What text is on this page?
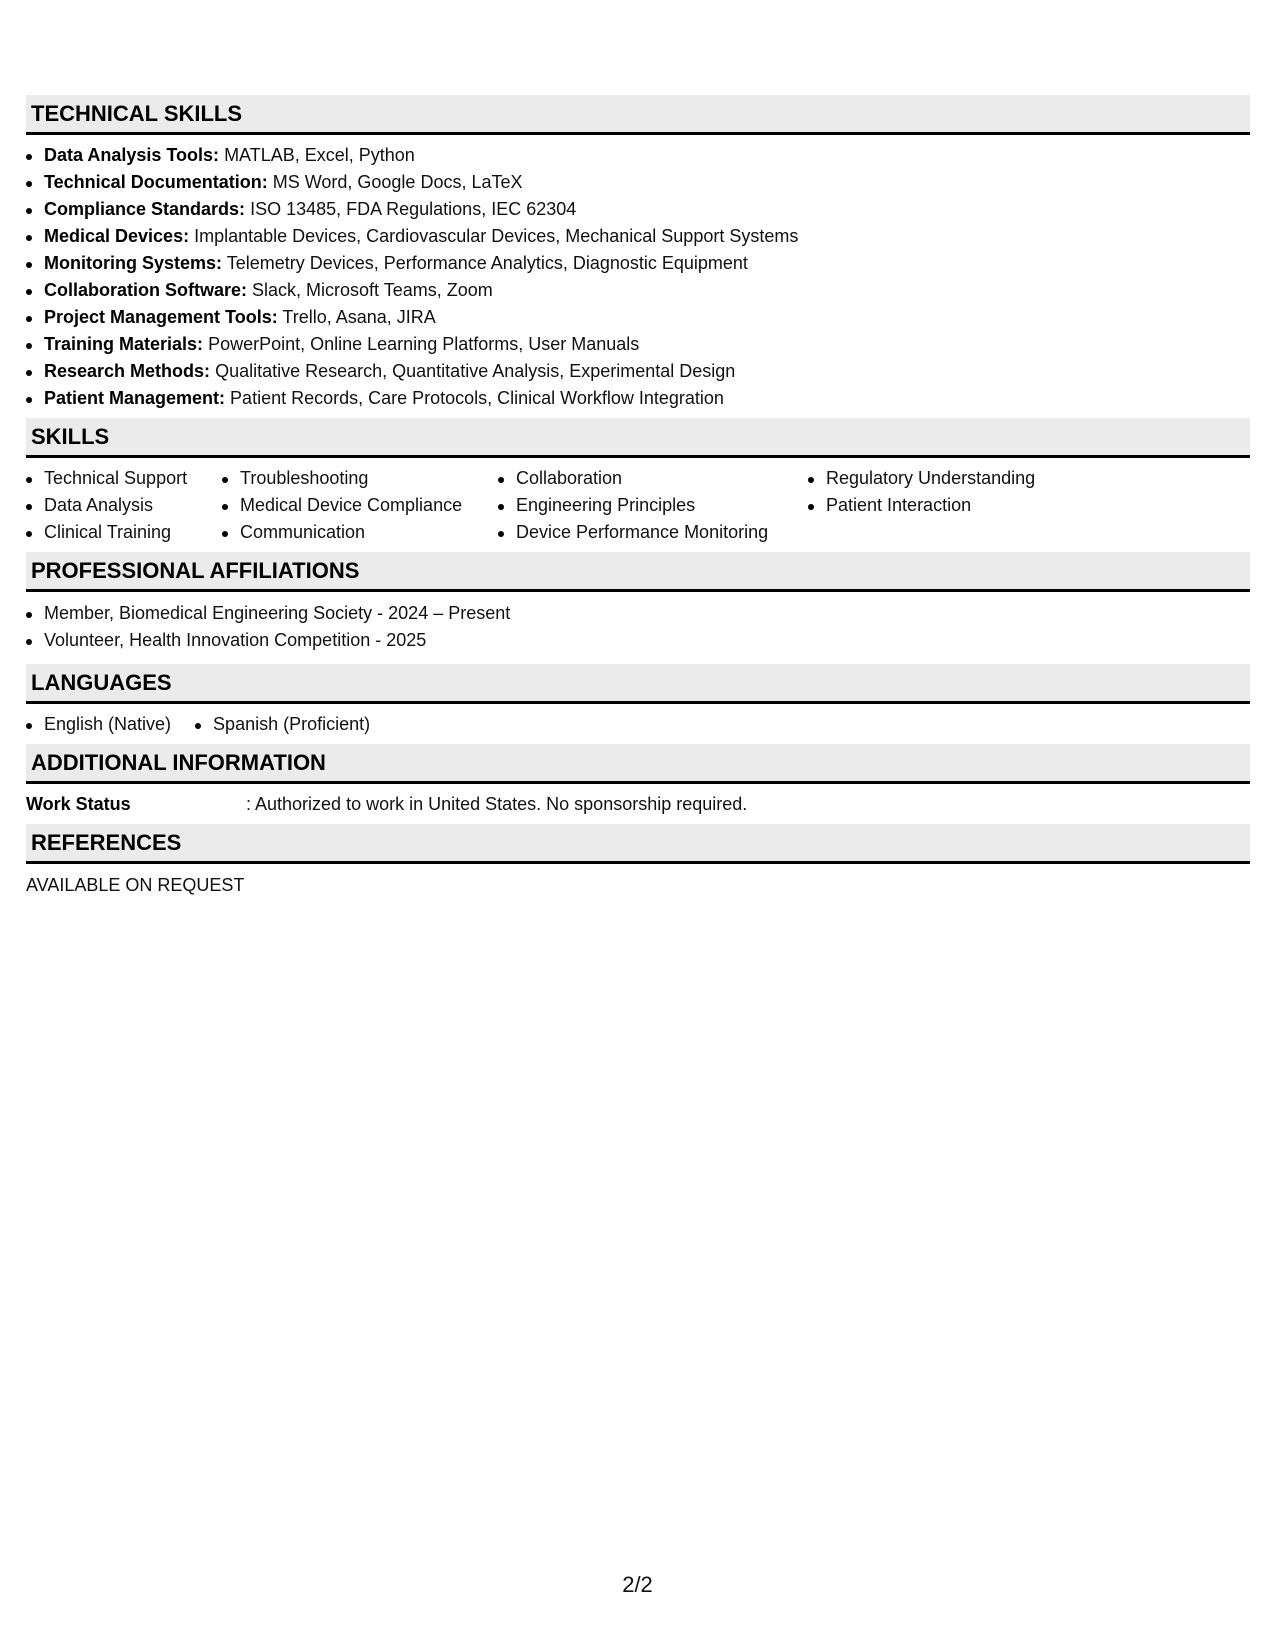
TECHNICAL SKILLS
Data Analysis Tools: MATLAB, Excel, Python
Technical Documentation: MS Word, Google Docs, LaTeX
Compliance Standards: ISO 13485, FDA Regulations, IEC 62304
Medical Devices: Implantable Devices, Cardiovascular Devices, Mechanical Support Systems
Monitoring Systems: Telemetry Devices, Performance Analytics, Diagnostic Equipment
Collaboration Software: Slack, Microsoft Teams, Zoom
Project Management Tools: Trello, Asana, JIRA
Training Materials: PowerPoint, Online Learning Platforms, User Manuals
Research Methods: Qualitative Research, Quantitative Analysis, Experimental Design
Patient Management: Patient Records, Care Protocols, Clinical Workflow Integration
SKILLS
Technical Support
Data Analysis
Clinical Training
Troubleshooting
Medical Device Compliance
Communication
Collaboration
Engineering Principles
Device Performance Monitoring
Regulatory Understanding
Patient Interaction
PROFESSIONAL AFFILIATIONS
Member, Biomedical Engineering Society - 2024 – Present
Volunteer, Health Innovation Competition - 2025
LANGUAGES
English (Native)	Spanish (Proficient)
ADDITIONAL INFORMATION
Work Status	: Authorized to work in United States. No sponsorship required.
REFERENCES
AVAILABLE ON REQUEST
2/2
